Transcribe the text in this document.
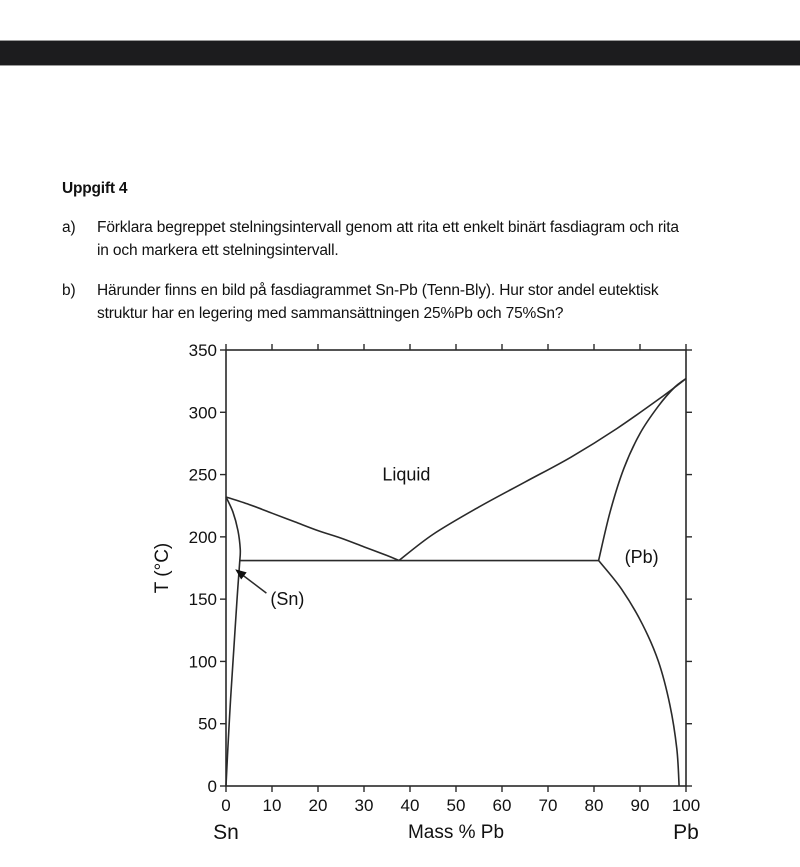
Uppgift 4
a) Förklara begreppet stelningsintervall genom att rita ett enkelt binärt fasdiagram och rita
in och markera ett stelningsintervall.
b) Härunder finns en bild på fasdiagrammet Sn-Pb (Tenn-Bly). Hur stor andel eutektisk
struktur har en legering med sammansättningen 25%Pb och 75%Sn?
0 10 20 30 40 50 60 70 80 90 100
0
50
100
150
200
250
300
350
Liquid
(Pb)
(Sn)
Mass % Pb
Sn	Pb
T (°C)
